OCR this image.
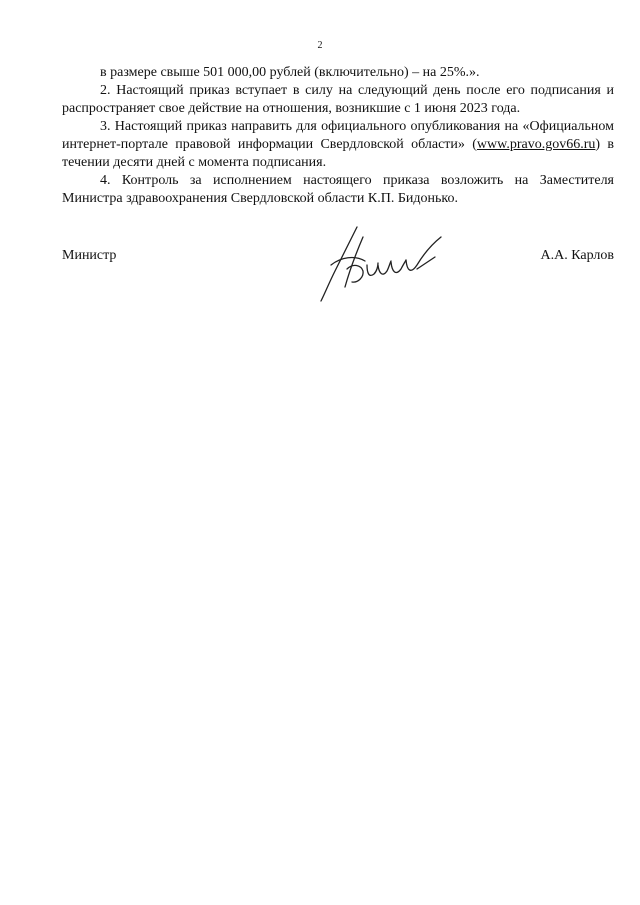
2

в размере свыше 501 000,00 рублей (включительно) – на 25%.».

2. Настоящий приказ вступает в силу на следующий день после его подписания и распространяет свое действие на отношения, возникшие с 1 июня 2023 года.

3. Настоящий приказ направить для официального опубликования на «Официальном интернет-портале правовой информации Свердловской области» (www.pravo.gov66.ru) в течении десяти дней с момента подписания.

4. Контроль за исполнением настоящего приказа возложить на Заместителя Министра здравоохранения Свердловской области К.П. Бидонько.

Министр	А.А. Карлов
